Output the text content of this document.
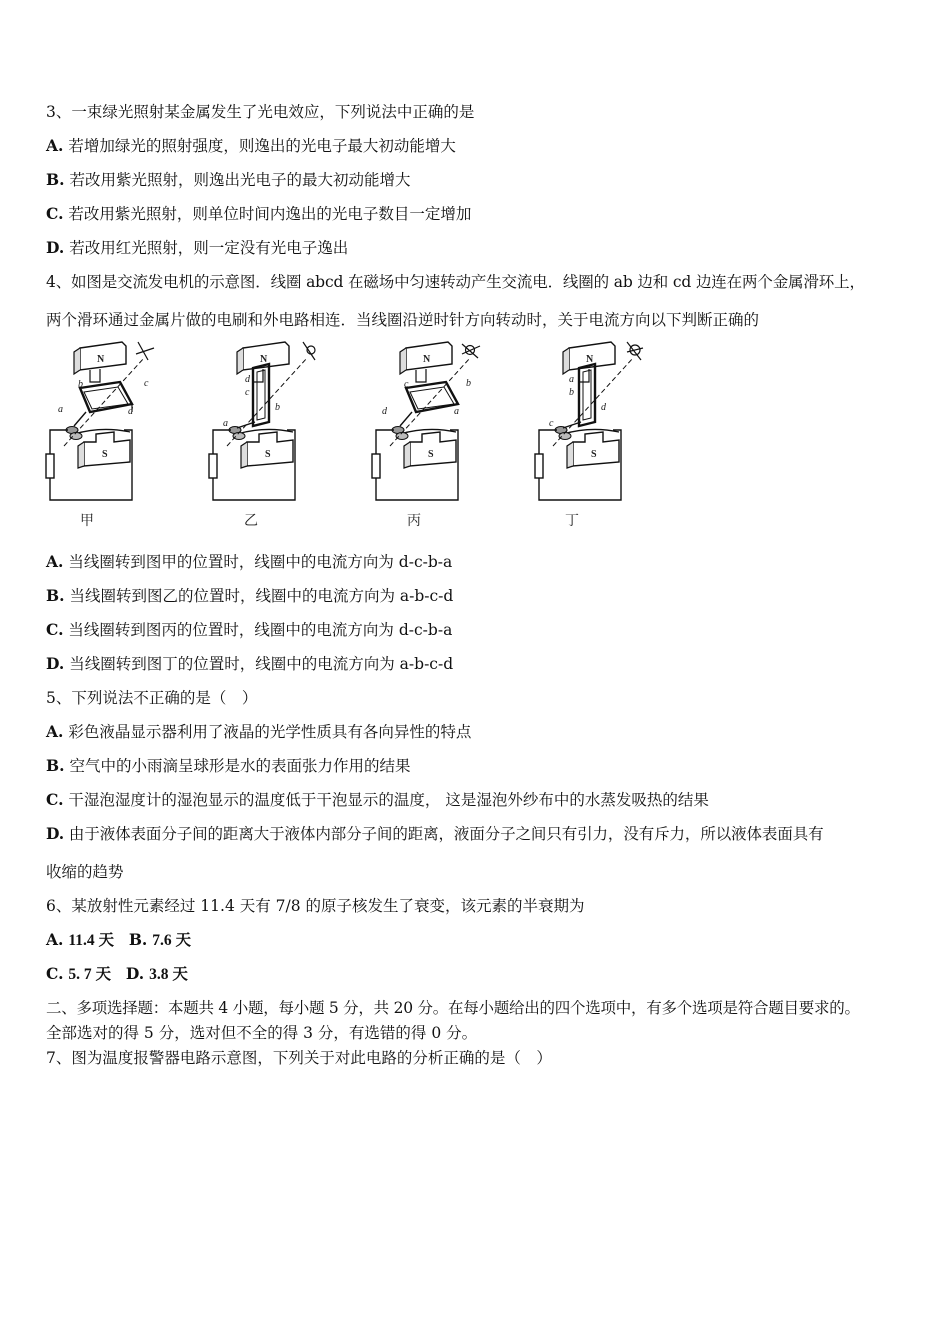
3、一束绿光照射某金属发生了光电效应，下列说法中正确的是
A. 若增加绿光的照射强度，则逸出的光电子最大初动能增大
B. 若改用紫光照射，则逸出光电子的最大初动能增大
C. 若改用紫光照射，则单位时间内逸出的光电子数目一定增加
D. 若改用红光照射，则一定没有光电子逸出
4、如图是交流发电机的示意图．线圈 abcd 在磁场中匀速转动产生交流电．线圈的 ab 边和 cd 边连在两个金属滑环上，
两个滑环通过金属片做的电刷和外电路相连．当线圈沿逆时针方向转动时，关于电流方向以下判断正确的
b	c
a	d
d
c
b
a
c	b
d	a
a
b
d
c
N
S
N
S
N
S
N
S
甲	乙	丙	丁
A. 当线圈转到图甲的位置时，线圈中的电流方向为 d-c-b-a
B. 当线圈转到图乙的位置时，线圈中的电流方向为 a-b-c-d
C. 当线圈转到图丙的位置时，线圈中的电流方向为 d-c-b-a
D. 当线圈转到图丁的位置时，线圈中的电流方向为 a-b-c-d
5、下列说法不正确的是（　）
A. 彩色液晶显示器利用了液晶的光学性质具有各向异性的特点
B. 空气中的小雨滴呈球形是水的表面张力作用的结果
C. 干湿泡湿度计的湿泡显示的温度低于干泡显示的温度， 这是湿泡外纱布中的水蒸发吸热的结果
D. 由于液体表面分子间的距离大于液体内部分子间的距离，液面分子之间只有引力，没有斥力，所以液体表面具有
收缩的趋势
6、某放射性元素经过 11.4 天有 7/8 的原子核发生了衰变，该元素的半衰期为
A. 11.4 天 B. 7.6 天
C. 5. 7 天 D. 3.8 天
二、多项选择题：本题共 4 小题，每小题 5 分，共 20 分。在每小题给出的四个选项中，有多个选项是符合题目要求的。
全部选对的得 5 分，选对但不全的得 3 分，有选错的得 0 分。
7、图为温度报警器电路示意图，下列关于对此电路的分析正确的是（　）
